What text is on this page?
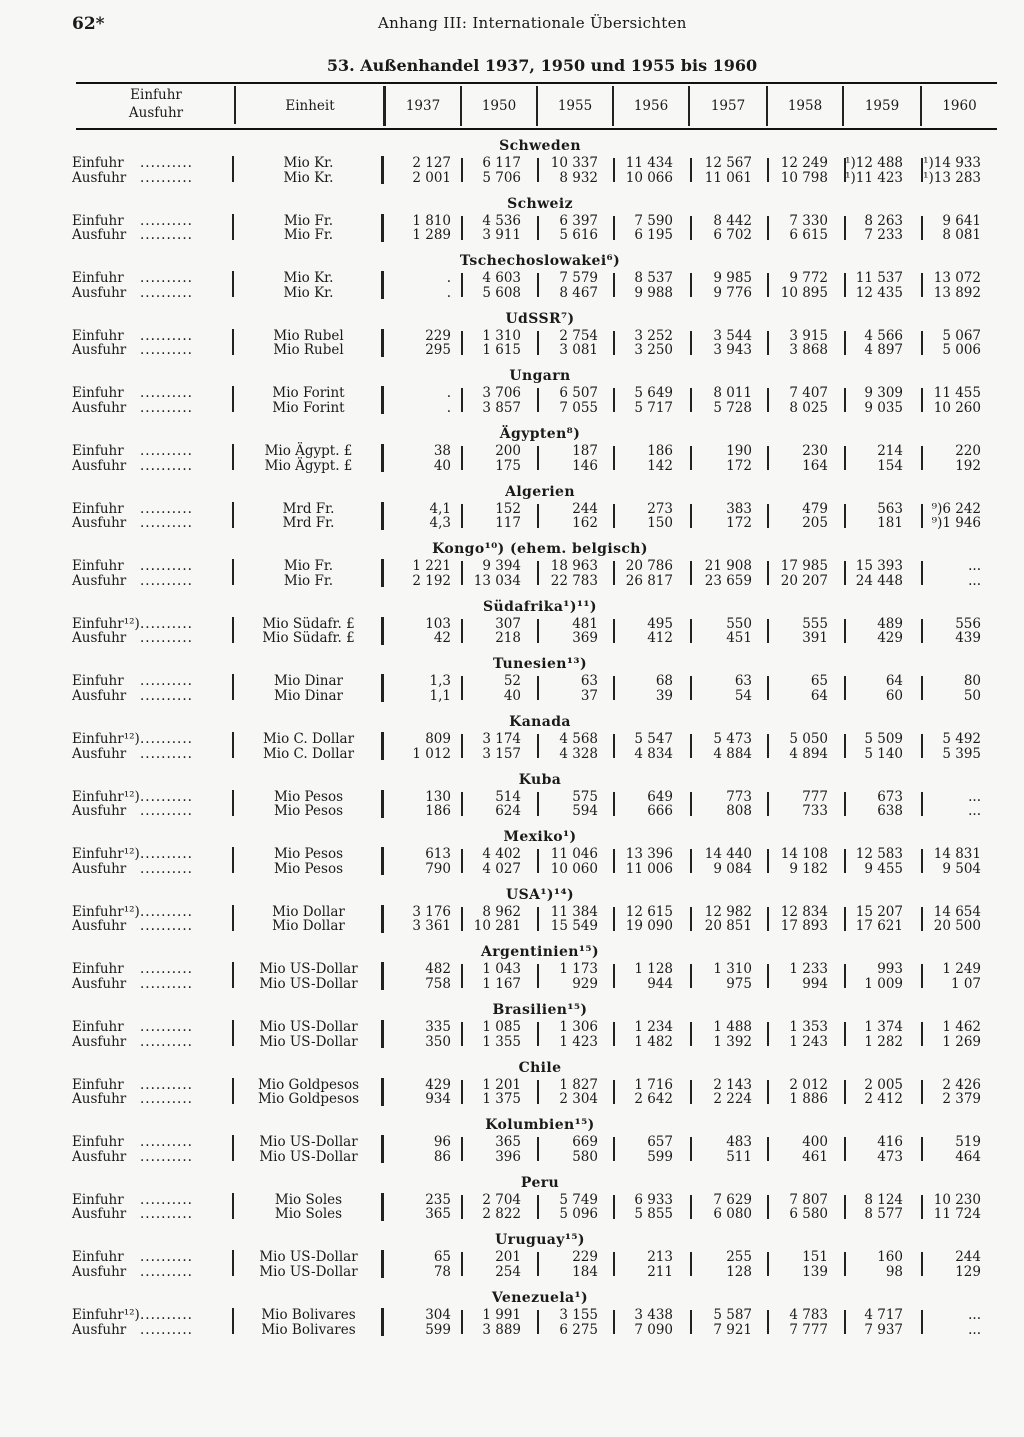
62*	Anhang III: Internationale Übersichten
53. Außenhandel 1937, 1950 und 1955 bis 1960
Einfuhr
Ausfuhr	Einheit	1937	1950	1955	1956	1957	1958	1959	1960
Schweden
Einfuhr ..........	Mio Kr.	2 127	6 117	10 337	11 434	12 567	12 249	¹)12 488	¹)14 933
Ausfuhr ..........	Mio Kr.	2 001	5 706	8 932	10 066	11 061	10 798	¹)11 423	¹)13 283
Schweiz
Einfuhr ..........	Mio Fr.	1 810	4 536	6 397	7 590	8 442	7 330	8 263	9 641
Ausfuhr ..........	Mio Fr.	1 289	3 911	5 616	6 195	6 702	6 615	7 233	8 081
Tschechoslowakei⁶)
Einfuhr ..........	Mio Kr.	.	4 603	7 579	8 537	9 985	9 772	11 537	13 072
Ausfuhr ..........	Mio Kr.	.	5 608	8 467	9 988	9 776	10 895	12 435	13 892
UdSSR⁷)
Einfuhr ..........	Mio Rubel	229	1 310	2 754	3 252	3 544	3 915	4 566	5 067
Ausfuhr ..........	Mio Rubel	295	1 615	3 081	3 250	3 943	3 868	4 897	5 006
Ungarn
Einfuhr ..........	Mio Forint	.	3 706	6 507	5 649	8 011	7 407	9 309	11 455
Ausfuhr ..........	Mio Forint	.	3 857	7 055	5 717	5 728	8 025	9 035	10 260
Ägypten⁸)
Einfuhr ..........	Mio Ägypt. £	38	200	187	186	190	230	214	220
Ausfuhr ..........	Mio Ägypt. £	40	175	146	142	172	164	154	192
Algerien
Einfuhr ..........	Mrd Fr.	4,1	152	244	273	383	479	563	⁹)6 242
Ausfuhr ..........	Mrd Fr.	4,3	117	162	150	172	205	181	⁹)1 946
Kongo¹⁰) (ehem. belgisch)
Einfuhr ..........	Mio Fr.	1 221	9 394	18 963	20 786	21 908	17 985	15 393	...
Ausfuhr ..........	Mio Fr.	2 192	13 034	22 783	26 817	23 659	20 207	24 448	...
Südafrika¹)¹¹)
Einfuhr¹²) ..........	Mio Südafr. £	103	307	481	495	550	555	489	556
Ausfuhr ..........	Mio Südafr. £	42	218	369	412	451	391	429	439
Tunesien¹³)
Einfuhr ..........	Mio Dinar	1,3	52	63	68	63	65	64	80
Ausfuhr ..........	Mio Dinar	1,1	40	37	39	54	64	60	50
Kanada
Einfuhr¹²) ..........	Mio C. Dollar	809	3 174	4 568	5 547	5 473	5 050	5 509	5 492
Ausfuhr ..........	Mio C. Dollar	1 012	3 157	4 328	4 834	4 884	4 894	5 140	5 395
Kuba
Einfuhr¹²) ..........	Mio Pesos	130	514	575	649	773	777	673	...
Ausfuhr ..........	Mio Pesos	186	624	594	666	808	733	638	...
Mexiko¹)
Einfuhr¹²) ..........	Mio Pesos	613	4 402	11 046	13 396	14 440	14 108	12 583	14 831
Ausfuhr ..........	Mio Pesos	790	4 027	10 060	11 006	9 084	9 182	9 455	9 504
USA¹)¹⁴)
Einfuhr¹²) ..........	Mio Dollar	3 176	8 962	11 384	12 615	12 982	12 834	15 207	14 654
Ausfuhr ..........	Mio Dollar	3 361	10 281	15 549	19 090	20 851	17 893	17 621	20 500
Argentinien¹⁵)
Einfuhr ..........	Mio US-Dollar	482	1 043	1 173	1 128	1 310	1 233	993	1 249
Ausfuhr ..........	Mio US-Dollar	758	1 167	929	944	975	994	1 009	1 07
Brasilien¹⁵)
Einfuhr ..........	Mio US-Dollar	335	1 085	1 306	1 234	1 488	1 353	1 374	1 462
Ausfuhr ..........	Mio US-Dollar	350	1 355	1 423	1 482	1 392	1 243	1 282	1 269
Chile
Einfuhr ..........	Mio Goldpesos	429	1 201	1 827	1 716	2 143	2 012	2 005	2 426
Ausfuhr ..........	Mio Goldpesos	934	1 375	2 304	2 642	2 224	1 886	2 412	2 379
Kolumbien¹⁵)
Einfuhr ..........	Mio US-Dollar	96	365	669	657	483	400	416	519
Ausfuhr ..........	Mio US-Dollar	86	396	580	599	511	461	473	464
Peru
Einfuhr ..........	Mio Soles	235	2 704	5 749	6 933	7 629	7 807	8 124	10 230
Ausfuhr ..........	Mio Soles	365	2 822	5 096	5 855	6 080	6 580	8 577	11 724
Uruguay¹⁵)
Einfuhr ..........	Mio US-Dollar	65	201	229	213	255	151	160	244
Ausfuhr ..........	Mio US-Dollar	78	254	184	211	128	139	98	129
Venezuela¹)
Einfuhr¹²) ..........	Mio Bolivares	304	1 991	3 155	3 438	5 587	4 783	4 717	...
Ausfuhr ..........	Mio Bolivares	599	3 889	6 275	7 090	7 921	7 777	7 937	...
